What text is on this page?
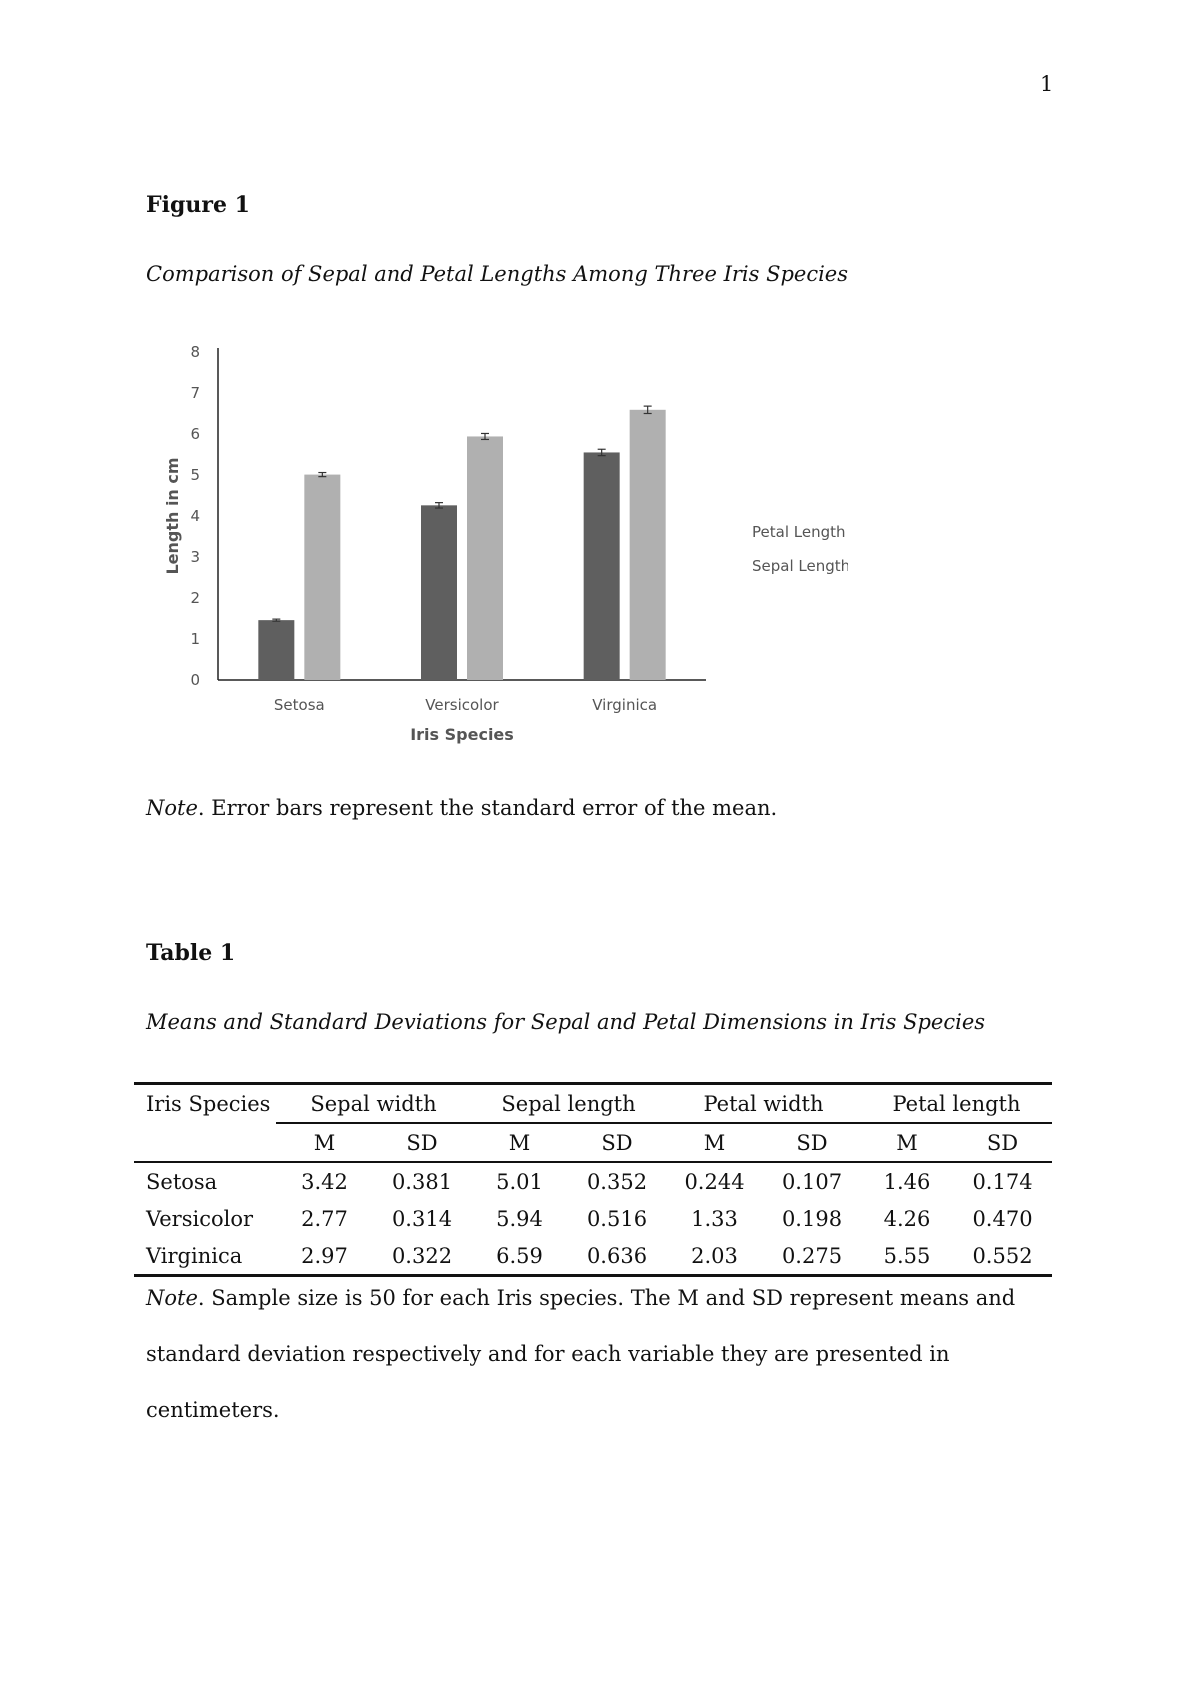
1
Figure 1
Comparison of Sepal and Petal Lengths Among Three Iris Species
0
1
2
3
4
5
6
7
8
Length in cm
Setosa	Versicolor	Virginica
Iris Species
Petal Length
Sepal Length
Note. Error bars represent the standard error of the mean.
Table 1
Means and Standard Deviations for Sepal and Petal Dimensions in Iris Species
Iris Species	Sepal width		Sepal length		Petal width		Petal length	
	M	SD	M	SD	M	SD	M	SD
Setosa	3.42	0.381	5.01	0.352	0.244	0.107	1.46	0.174
Versicolor	2.77	0.314	5.94	0.516	1.33	0.198	4.26	0.470
Virginica	2.97	0.322	6.59	0.636	2.03	0.275	5.55	0.552
Note. Sample size is 50 for each Iris species. The M and SD represent means and standard deviation respectively and for each variable they are presented in centimeters.
